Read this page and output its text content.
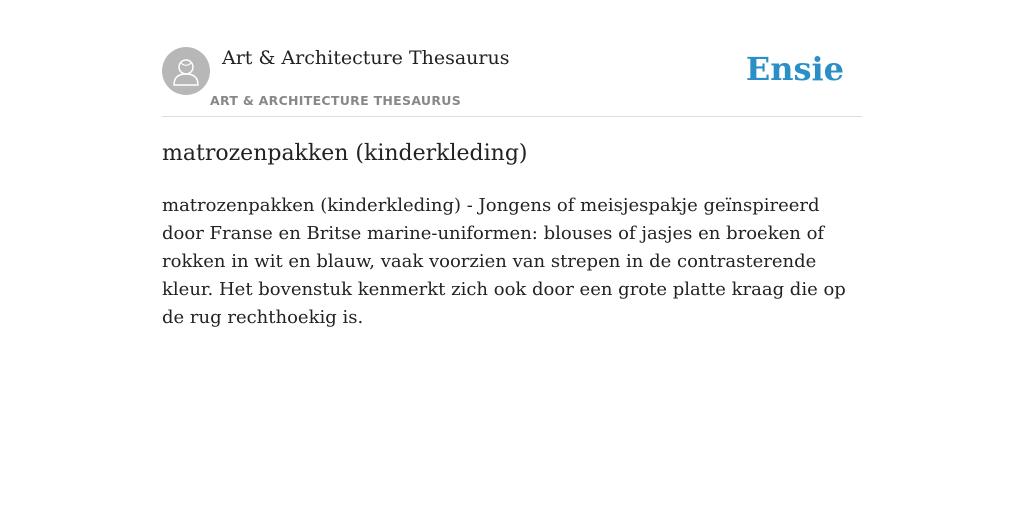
Art & Architecture Thesaurus
ART & ARCHITECTURE THESAURUS
Ensie
matrozenpakken (kinderkleding)

matrozenpakken (kinderkleding) - Jongens of meisjespakje geïnspireerd door Franse en Britse marine-uniformen: blouses of jasjes en broeken of rokken in wit en blauw, vaak voorzien van strepen in de contrasterende kleur. Het bovenstuk kenmerkt zich ook door een grote platte kraag die op de rug rechthoekig is.
